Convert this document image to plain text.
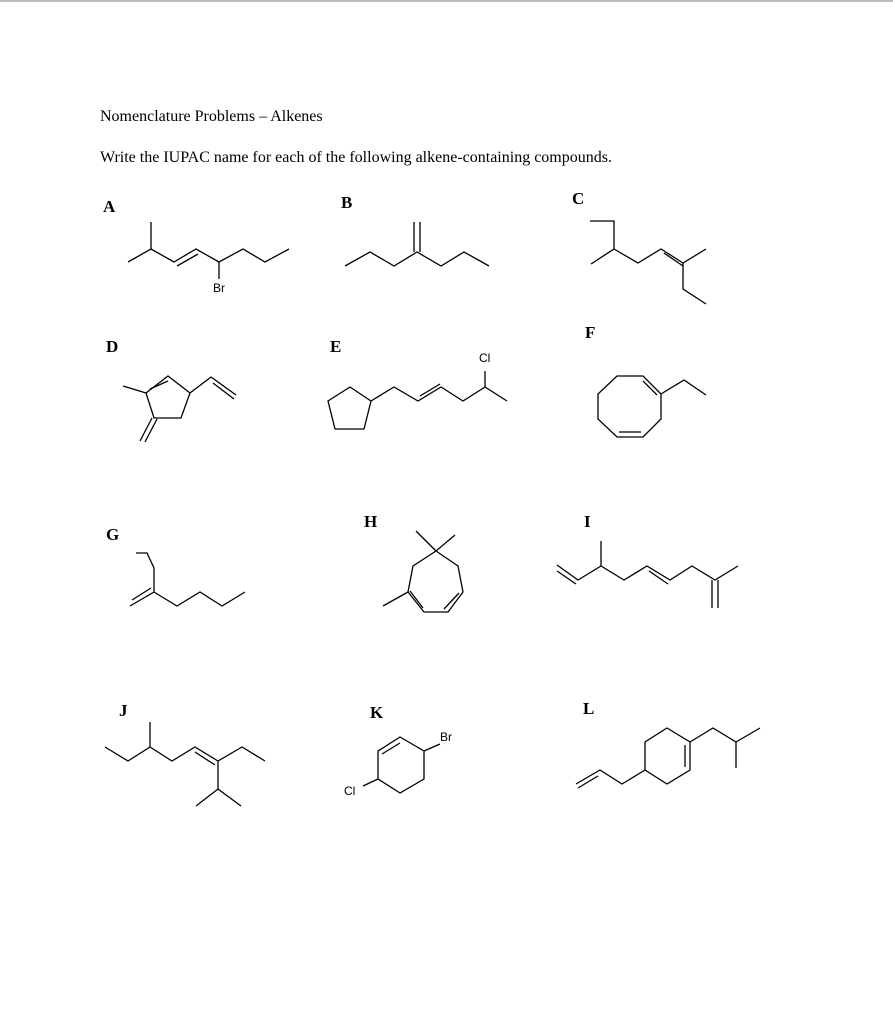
Nomenclature Problems – Alkenes
Write the IUPAC name for each of the following alkene-containing compounds.
A	B	C
D	E
F
G
H	I
J	K	L
Br
Cl
Cl
Br
